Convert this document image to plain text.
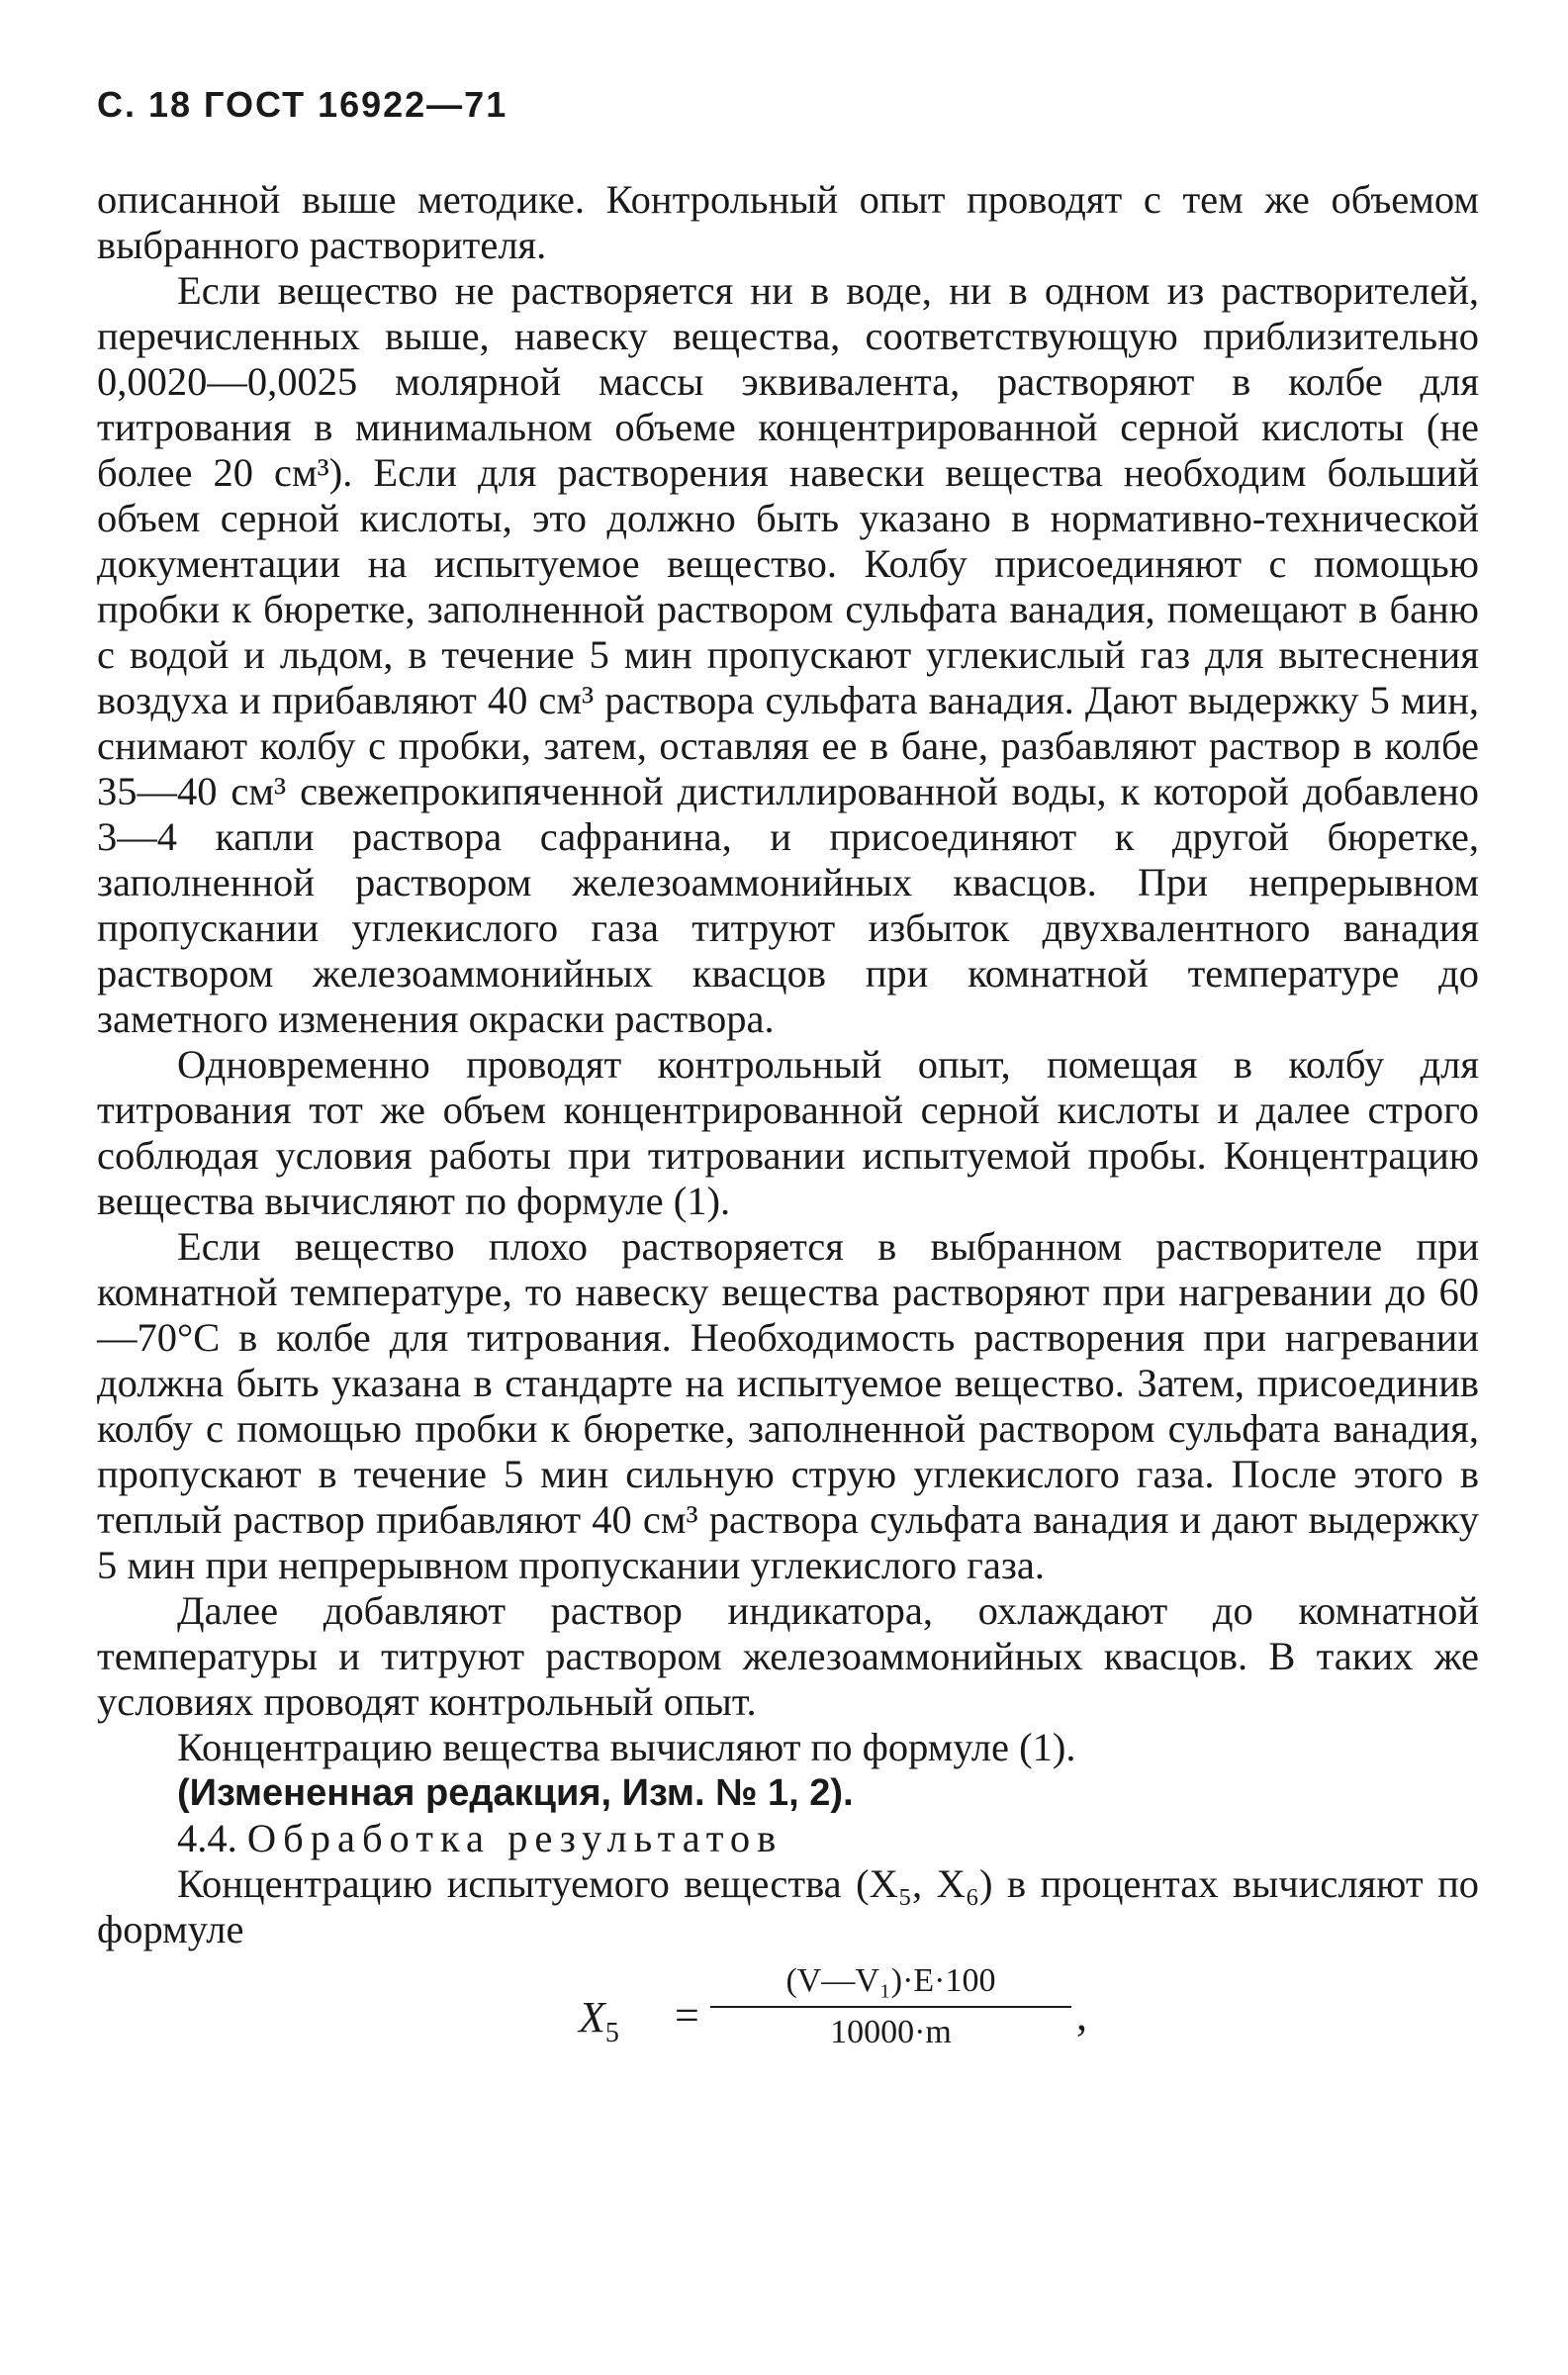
С. 18 ГОСТ 16922—71

описанной выше методике. Контрольный опыт проводят с тем же объемом выбранного растворителя.

Если вещество не растворяется ни в воде, ни в одном из растворителей, перечисленных выше, навеску вещества, соответствующую приблизительно 0,0020—0,0025 молярной массы эквивалента, растворяют в колбе для титрования в минимальном объеме концентрированной серной кислоты (не более 20 см³). Если для растворения навески вещества необходим больший объем серной кислоты, это должно быть указано в нормативно-технической документации на испытуемое вещество. Колбу присоединяют с помощью пробки к бюретке, заполненной раствором сульфата ванадия, помещают в баню с водой и льдом, в течение 5 мин пропускают углекислый газ для вытеснения воздуха и прибавляют 40 см³ раствора сульфата ванадия. Дают выдержку 5 мин, снимают колбу с пробки, затем, оставляя ее в бане, разбавляют раствор в колбе 35—40 см³ свежепрокипяченной дистиллированной воды, к которой добавлено 3—4 капли раствора сафранина, и присоединяют к другой бюретке, заполненной раствором железоаммонийных квасцов. При непрерывном пропускании углекислого газа титруют избыток двухвалентного ванадия раствором железоаммонийных квасцов при комнатной температуре до заметного изменения окраски раствора.

Одновременно проводят контрольный опыт, помещая в колбу для титрования тот же объем концентрированной серной кислоты и далее строго соблюдая условия работы при титровании испытуемой пробы. Концентрацию вещества вычисляют по формуле (1).

Если вещество плохо растворяется в выбранном растворителе при комнатной температуре, то навеску вещества растворяют при нагревании до 60—70°С в колбе для титрования. Необходимость растворения при нагревании должна быть указана в стандарте на испытуемое вещество. Затем, присоединив колбу с помощью пробки к бюретке, заполненной раствором сульфата ванадия, пропускают в течение 5 мин сильную струю углекислого газа. После этого в теплый раствор прибавляют 40 см³ раствора сульфата ванадия и дают выдержку 5 мин при непрерывном пропускании углекислого газа.

Далее добавляют раствор индикатора, охлаждают до комнатной температуры и титруют раствором железоаммонийных квасцов. В таких же условиях проводят контрольный опыт.

Концентрацию вещества вычисляют по формуле (1).

(Измененная редакция, Изм. № 1, 2).

4.4. Обработка результатов

Концентрацию испытуемого вещества (X₅, X₆) в процентах вычисляют по формуле

$X_5$ =
(V—V₁)·E·100
10000·m	,
